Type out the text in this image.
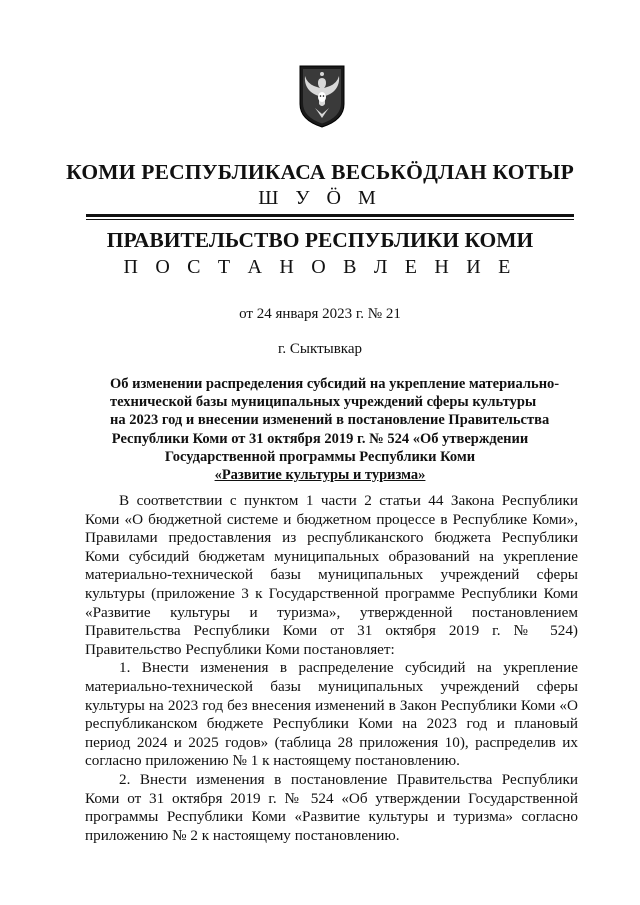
КОМИ РЕСПУБЛИКАСА ВЕСЬКӦДЛАН КОТЫР
Ш У Ӧ М
ПРАВИТЕЛЬСТВО РЕСПУБЛИКИ КОМИ
П О С Т А Н О В Л Е Н И Е
от 24 января 2023 г. № 21
г. Сыктывкар
Об изменении распределения субсидий на укрепление материально-
технической базы муниципальных учреждений сферы культуры
на 2023 год и внесении изменений в постановление Правительства
Республики Коми от 31 октября 2019 г. № 524 «Об утверждении
Государственной программы Республики Коми
«Развитие культуры и туризма»
В соответствии с пунктом 1 части 2 статьи 44 Закона Республики
Коми «О бюджетной системе и бюджетном процессе в Республике Коми»,
Правилами предоставления из республиканского бюджета Республики
Коми субсидий бюджетам муниципальных образований на укрепление
материально-технической базы муниципальных учреждений сферы
культуры (приложение 3 к Государственной программе Республики Коми
«Развитие культуры и туризма», утвержденной постановлением
Правительства Республики Коми от 31 октября 2019 г. № 524)
Правительство Республики Коми постановляет:
1. Внести изменения в распределение субсидий на укрепление
материально-технической базы муниципальных учреждений сферы
культуры на 2023 год без внесения изменений в Закон Республики Коми «О
республиканском бюджете Республики Коми на 2023 год и плановый
период 2024 и 2025 годов» (таблица 28 приложения 10), распределив их
согласно приложению № 1 к настоящему постановлению.
2. Внести изменения в постановление Правительства Республики
Коми от 31 октября 2019 г. № 524 «Об утверждении Государственной
программы Республики Коми «Развитие культуры и туризма» согласно
приложению № 2 к настоящему постановлению.
